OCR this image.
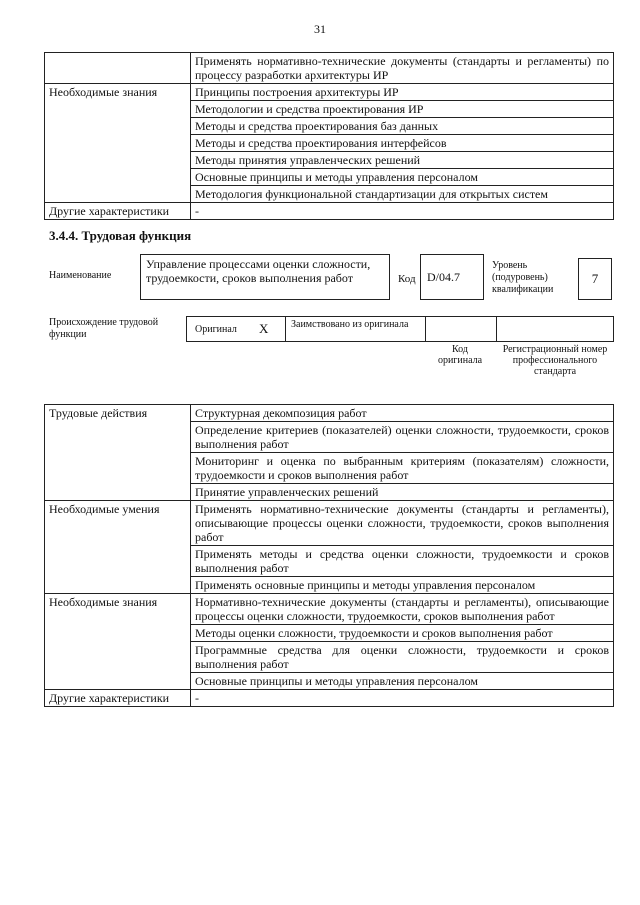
31
	Применять нормативно-технические документы (стандарты и регламенты) по процессу разработки архитектуры ИР
Необходимые знания	Принципы построения архитектуры ИР
	Методологии и средства проектирования ИР
	Методы и средства проектирования баз данных
	Методы и средства проектирования интерфейсов
	Методы принятия управленческих решений
	Основные принципы и методы управления персоналом
	Методология функциональной стандартизации для открытых систем
Другие характеристики	-
3.4.4. Трудовая функция
Наименование
Управление процессами оценки сложности, трудоемкости, сроков выполнения работ	Код D/04.7
Уровень (подуровень) квалификации
7
Происхождение трудовой функции	Оригинал X Заимствовано из оригинала
Код оригинала
Регистрационный номер профессионального стандарта
Трудовые действия	Структурная декомпозиция работ
	Определение критериев (показателей) оценки сложности, трудоемкости, сроков выполнения работ
	Мониторинг и оценка по выбранным критериям (показателям) сложности, трудоемкости и сроков выполнения работ
	Принятие управленческих решений
Необходимые умения	Применять нормативно-технические документы (стандарты и регламенты), описывающие процессы оценки сложности, трудоемкости, сроков выполнения работ
	Применять методы и средства оценки сложности, трудоемкости и сроков выполнения работ
	Применять основные принципы и методы управления персоналом
Необходимые знания	Нормативно-технические документы (стандарты и регламенты), описывающие процессы оценки сложности, трудоемкости, сроков выполнения работ
	Методы оценки сложности, трудоемкости и сроков выполнения работ
	Программные средства для оценки сложности, трудоемкости и сроков выполнения работ
	Основные принципы и методы управления персоналом
Другие характеристики	-
